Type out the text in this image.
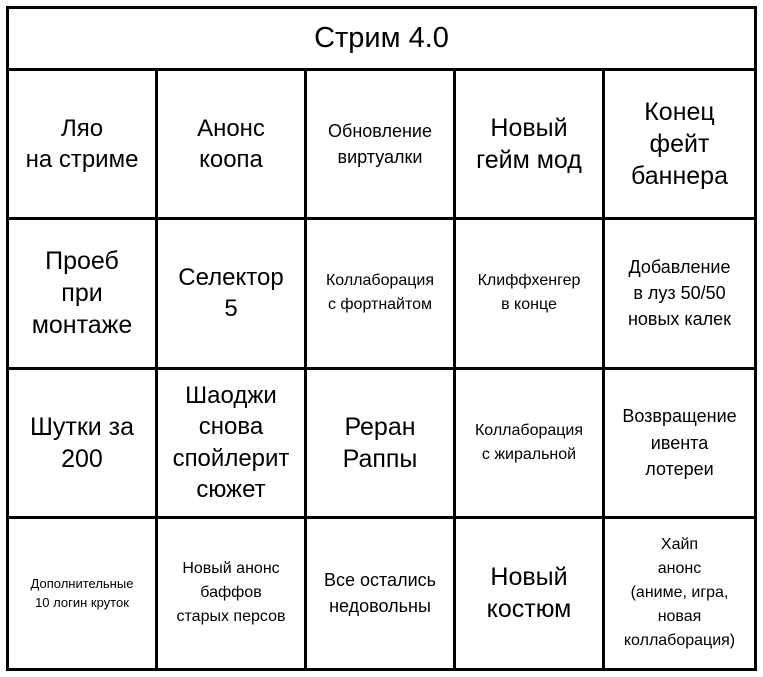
Стрим 4.0
Ляо
на стриме
Анонс
коопа
Обновление
виртуалки
Новый
гейм мод
Конец
фейт
баннера
Проеб
при
монтаже
Селектор
5
Коллаборация
с фортнайтом
Клиффхенгер
в конце
Добавление
в луз 50/50
новых калек
Шутки за
200
Шаоджи
снова
спойлерит
сюжет
Реран
Раппы
Коллаборация
с жиральной
Возвращение
ивента
лотереи
Дополнительные
10 логин круток
Новый анонс
баффов
старых персов
Все остались
недовольны
Новый
костюм
Хайп
анонс
(аниме, игра,
новая
коллаборация)
